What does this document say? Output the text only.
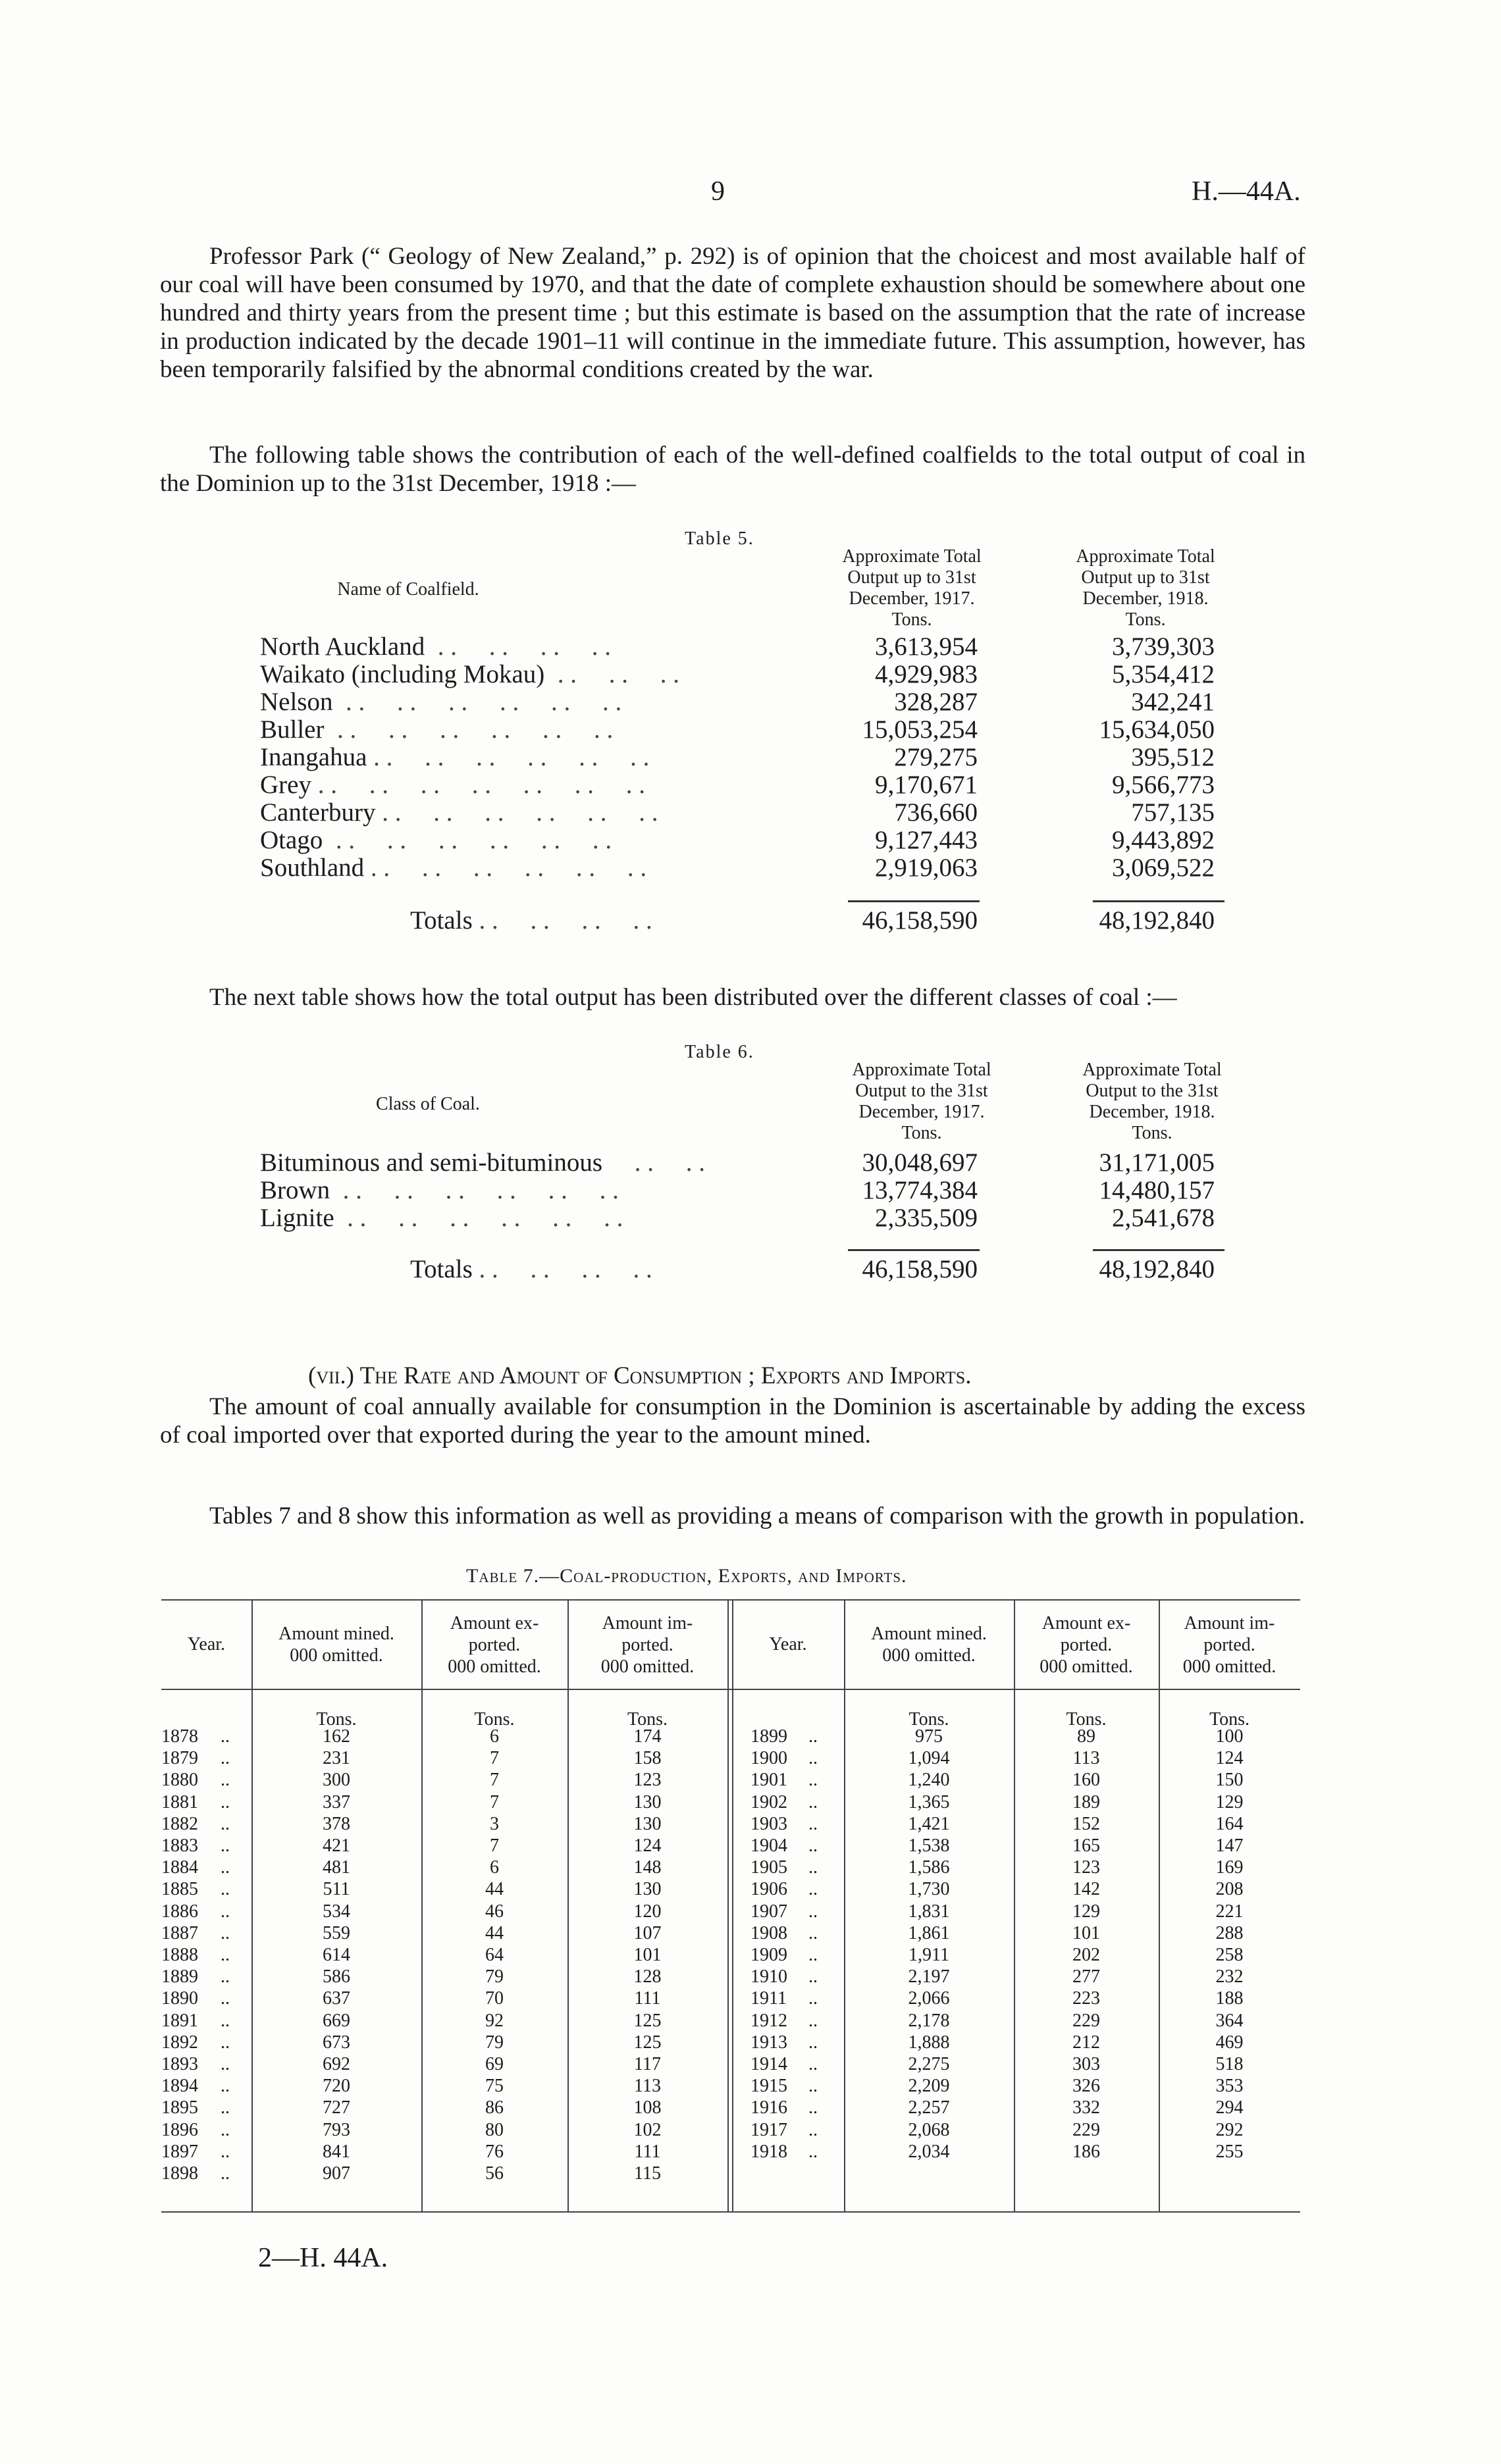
9	H.—44A.
Professor Park (“ Geology of New Zealand,” p. 292) is of opinion that the choicest and most available half of our coal will have been consumed by 1970, and that the date of complete exhaustion should be somewhere about one hundred and thirty years from the present time ; but this estimate is based on the assumption that the rate of increase in production indicated by the decade 1901–11 will continue in the immediate future. This assumption, however, has been temporarily falsified by the abnormal conditions created by the war.
The following table shows the contribution of each of the well-defined coalfields to the total output of coal in the Dominion up to the 31st December, 1918 :—
Table 5.
Name of Coalfield.
Approximate Total
Output up to 31st
December, 1917.
Tons.
Approximate Total
Output up to 31st
December, 1918.
Tons.
North Auckland  . .     . .     . .     . .	3,613,954	3,739,303
Waikato (including Mokau)  . .     . .     . .	4,929,983	5,354,412
Nelson  . .     . .     . .     . .     . .     . .	328,287	342,241
Buller  . .     . .     . .     . .     . .     . .	15,053,254	15,634,050
Inangahua . .     . .     . .     . .     . .     . .	279,275	395,512
Grey . .     . .     . .     . .     . .     . .     . .	9,170,671	9,566,773
Canterbury . .     . .     . .     . .     . .     . .	736,660	757,135
Otago  . .     . .     . .     . .     . .     . .	9,127,443	9,443,892
Southland . .     . .     . .     . .     . .     . .	2,919,063	3,069,522
Totals . .     . .     . .     . .	46,158,590	48,192,840
The next table shows how the total output has been distributed over the different classes of coal :—
Table 6.
Class of Coal.
Approximate Total
Output to the 31st
December, 1917.
Tons.
Approximate Total
Output to the 31st
December, 1918.
Tons.
Bituminous and semi-bituminous     . .     . .	30,048,697	31,171,005
Brown  . .     . .     . .     . .     . .     . .	13,774,384	14,480,157
Lignite  . .     . .     . .     . .     . .     . .	2,335,509	2,541,678
Totals . .     . .     . .     . .	46,158,590	48,192,840
(vii.) The Rate and Amount of Consumption ; Exports and Imports.
The amount of coal annually available for consumption in the Dominion is ascertainable by adding the excess of coal imported over that exported during the year to the amount mined.
Tables 7 and 8 show this information as well as providing a means of comparison with the growth in population.
Table 7.—Coal-production, Exports, and Imports.
Year.
Amount mined.
000 omitted.
Amount ex-
ported.
000 omitted.
Amount im-
ported.
000 omitted.
Year.
Amount mined.
000 omitted.
Amount ex-
ported.
000 omitted.
Amount im-
ported.
000 omitted.
Tons.	Tons.	Tons.	Tons.	Tons.	Tons.
1878	..	162	6	174
1879	..	231	7	158
1880	..	300	7	123
1881	..	337	7	130
1882	..	378	3	130
1883	..	421	7	124
1884	..	481	6	148
1885	..	511	44	130
1886	..	534	46	120
1887	..	559	44	107
1888	..	614	64	101
1889	..	586	79	128
1890	..	637	70	111
1891	..	669	92	125
1892	..	673	79	125
1893	..	692	69	117
1894	..	720	75	113
1895	..	727	86	108
1896	..	793	80	102
1897	..	841	76	111
1898	..	907	56	115
1899	..	975	89	100
1900	..	1,094	113	124
1901	..	1,240	160	150
1902	..	1,365	189	129
1903	..	1,421	152	164
1904	..	1,538	165	147
1905	..	1,586	123	169
1906	..	1,730	142	208
1907	..	1,831	129	221
1908	..	1,861	101	288
1909	..	1,911	202	258
1910	..	2,197	277	232
1911	..	2,066	223	188
1912	..	2,178	229	364
1913	..	1,888	212	469
1914	..	2,275	303	518
1915	..	2,209	326	353
1916	..	2,257	332	294
1917	..	2,068	229	292
1918	..	2,034	186	255
2—H. 44A.
